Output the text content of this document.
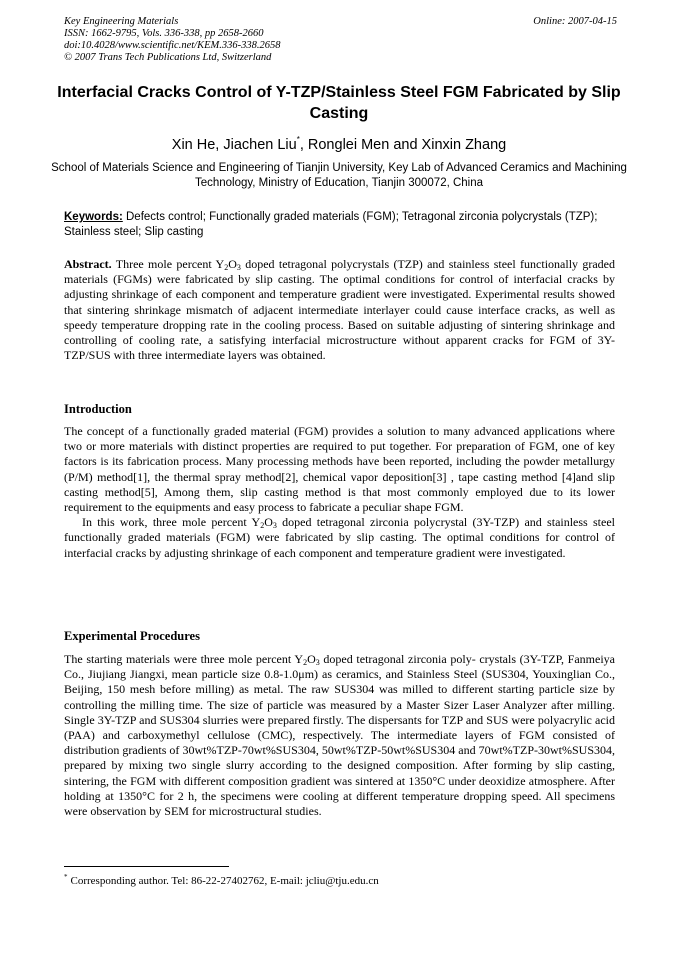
Key Engineering Materials
ISSN: 1662-9795, Vols. 336-338, pp 2658-2660
doi:10.4028/www.scientific.net/KEM.336-338.2658
© 2007 Trans Tech Publications Ltd, Switzerland
Online: 2007-04-15
Interfacial Cracks Control of Y-TZP/Stainless Steel FGM Fabricated by Slip Casting
Xin He, Jiachen Liu*, Ronglei Men and Xinxin Zhang
School of Materials Science and Engineering of Tianjin University, Key Lab of Advanced Ceramics and Machining Technology, Ministry of Education, Tianjin 300072, China
Keywords: Defects control; Functionally graded materials (FGM); Tetragonal zirconia polycrystals (TZP); Stainless steel; Slip casting

Abstract. Three mole percent $Y_2O_3$ doped tetragonal polycrystals (TZP) and stainless steel functionally graded materials (FGMs) were fabricated by slip casting. The optimal conditions for control of interfacial cracks by adjusting shrinkage of each component and temperature gradient were investigated. Experimental results showed that sintering shrinkage mismatch of adjacent intermediate interlayer could cause interface cracks, as well as speedy temperature dropping rate in the cooling process. Based on suitable adjusting of sintering shrinkage and controlling of cooling rate, a satisfying interfacial microstructure without apparent cracks for FGM of 3Y-TZP/SUS with three intermediate layers was obtained.

Introduction

The concept of a functionally graded material (FGM) provides a solution to many advanced applications where two or more materials with distinct properties are required to put together. For preparation of FGM, one of key factors is its fabrication process. Many processing methods have been reported, including the powder metallurgy (P/M) method[1], the thermal spray method[2], chemical vapor deposition[3] , tape casting method [4]and slip casting method[5], Among them, slip casting method is that most commonly employed due to its lower requirement to the equipments and easy process to fabricate a peculiar shape FGM.

In this work, three mole percent $Y_2O_3$ doped tetragonal zirconia polycrystal (3Y-TZP) and stainless steel functionally graded materials (FGM) were fabricated by slip casting. The optimal conditions for control of interfacial cracks by adjusting shrinkage of each component and temperature gradient were investigated.

Experimental Procedures

The starting materials were three mole percent $Y_2O_3$ doped tetragonal zirconia poly- crystals (3Y-TZP, Fanmeiya Co., Jiujiang Jiangxi, mean particle size 0.8-1.0μm) as ceramics, and Stainless Steel (SUS304, Youxinglian Co., Beijing, 150 mesh before milling) as metal. The raw SUS304 was milled to different starting particle size by controlling the milling time. The size of particle was measured by a Master Sizer Laser Analyzer after milling. Single 3Y-TZP and SUS304 slurries were prepared firstly. The dispersants for TZP and SUS were polyacrylic acid (PAA) and carboxymethyl cellulose (CMC), respectively. The intermediate layers of FGM consisted of distribution gradients of 30wt%TZP-70wt%SUS304, 50wt%TZP-50wt%SUS304 and 70wt%TZP-30wt%SUS304, prepared by mixing two single slurry according to the designed composition. After forming by slip casting, sintering, the FGM with different composition gradient was sintered at 1350°C under deoxidize atmosphere. After holding at 1350°C for 2 h, the specimens were cooling at different temperature dropping speed. All specimens were observation by SEM for microstructural studies.

* Corresponding author. Tel: 86-22-27402762, E-mail: jcliu@tju.edu.cn
